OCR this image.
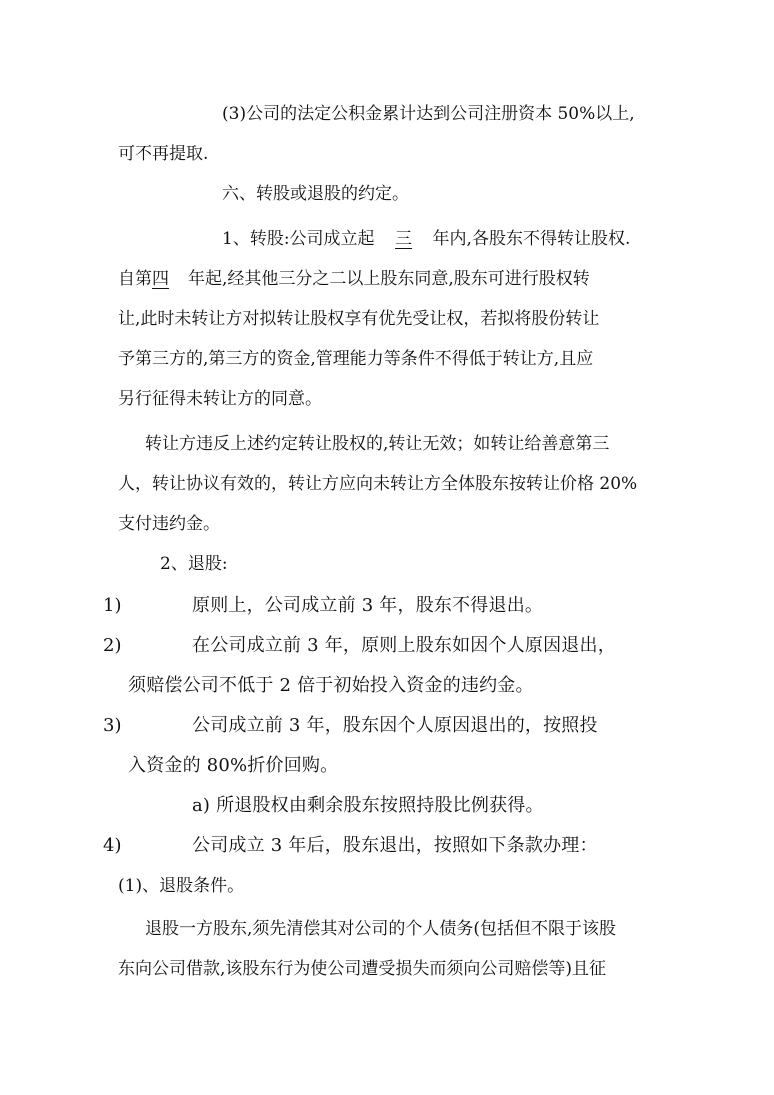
(3)公司的法定公积金累计达到公司注册资本 50%以上,
可不再提取.
六、转股或退股的约定。
1、转股:公司成立起三年内,各股东不得转让股权.
自第四年起,经其他三分之二以上股东同意,股东可进行股权转
让,此时未转让方对拟转让股权享有优先受让权，若拟将股份转让
予第三方的,第三方的资金,管理能力等条件不得低于转让方,且应
另行征得未转让方的同意。
转让方违反上述约定转让股权的,转让无效；如转让给善意第三
人，转让协议有效的，转让方应向未转让方全体股东按转让价格 20%
支付违约金。
2、退股:
1)	原则上，公司成立前 3 年，股东不得退出。
2)	在公司成立前 3 年，原则上股东如因个人原因退出，
须赔偿公司不低于 2 倍于初始投入资金的违约金。
3)	公司成立前 3 年，股东因个人原因退出的，按照投
入资金的 80%折价回购。
a) 所退股权由剩余股东按照持股比例获得。
4)	公司成立 3 年后，股东退出，按照如下条款办理：
(1)、退股条件。
退股一方股东,须先清偿其对公司的个人债务(包括但不限于该股
东向公司借款,该股东行为使公司遭受损失而须向公司赔偿等)且征
